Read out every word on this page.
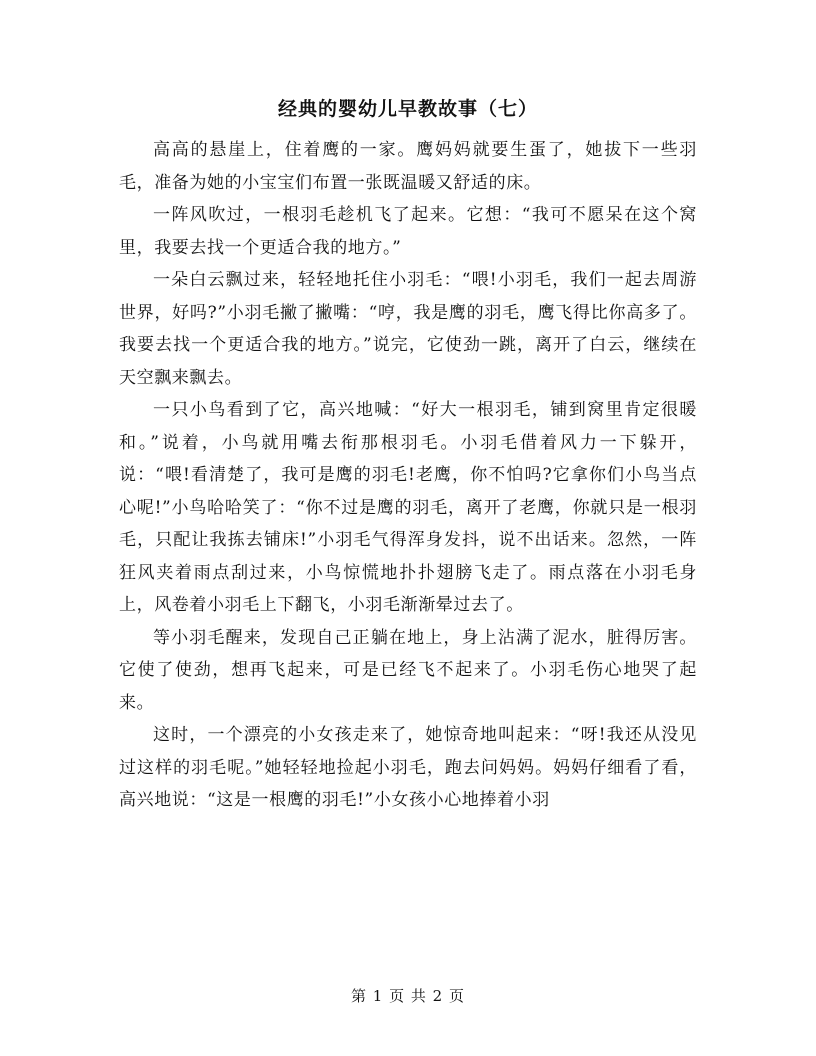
经典的婴幼儿早教故事（七）

高高的悬崖上，住着鹰的一家。鹰妈妈就要生蛋了，她拔下一些羽毛，准备为她的小宝宝们布置一张既温暖又舒适的床。

一阵风吹过，一根羽毛趁机飞了起来。它想：“我可不愿呆在这个窝里，我要去找一个更适合我的地方。”

一朵白云飘过来，轻轻地托住小羽毛：“喂!小羽毛，我们一起去周游世界，好吗?”小羽毛撇了撇嘴：“哼，我是鹰的羽毛，鹰飞得比你高多了。我要去找一个更适合我的地方。”说完，它使劲一跳，离开了白云，继续在天空飘来飘去。

一只小鸟看到了它，高兴地喊：“好大一根羽毛，铺到窝里肯定很暖和。”说着，小鸟就用嘴去衔那根羽毛。小羽毛借着风力一下躲开，说：“喂!看清楚了，我可是鹰的羽毛!老鹰，你不怕吗?它拿你们小鸟当点心呢!”小鸟哈哈笑了：“你不过是鹰的羽毛，离开了老鹰，你就只是一根羽毛，只配让我拣去铺床!”小羽毛气得浑身发抖，说不出话来。忽然，一阵狂风夹着雨点刮过来，小鸟惊慌地扑扑翅膀飞走了。雨点落在小羽毛身上，风卷着小羽毛上下翻飞，小羽毛渐渐晕过去了。

等小羽毛醒来，发现自己正躺在地上，身上沾满了泥水，脏得厉害。它使了使劲，想再飞起来，可是已经飞不起来了。小羽毛伤心地哭了起来。

这时，一个漂亮的小女孩走来了，她惊奇地叫起来：“呀!我还从没见过这样的羽毛呢。”她轻轻地捡起小羽毛，跑去问妈妈。妈妈仔细看了看，高兴地说：“这是一根鹰的羽毛!”小女孩小心地捧着小羽

第 1 页 共 2 页
